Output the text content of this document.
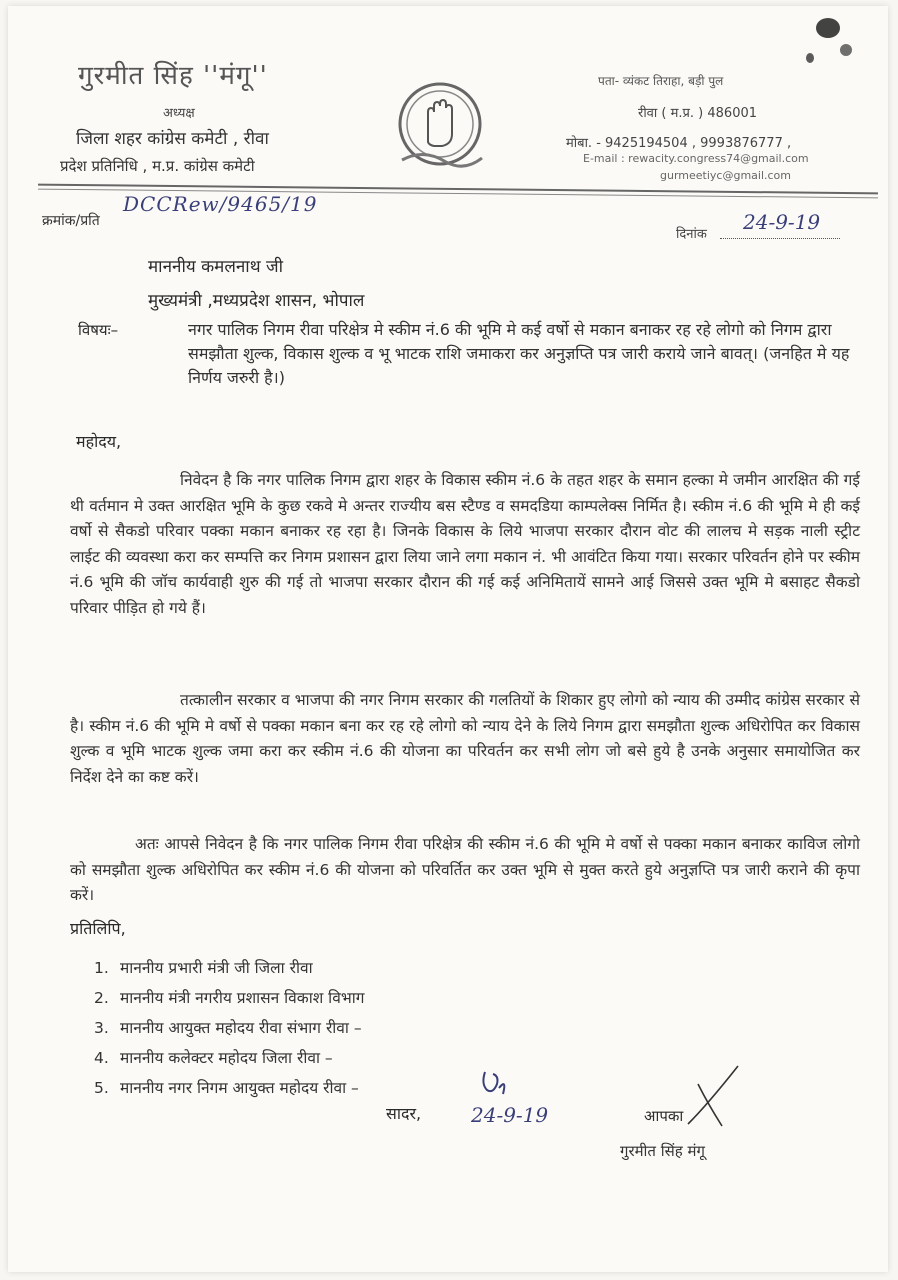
गुरमीत सिंह ''मंगू''
अध्यक्ष
जिला शहर कांग्रेस कमेटी , रीवा
प्रदेश प्रतिनिधि , म.प्र. कांग्रेस कमेटी
पता- व्यंकट तिराहा, बड़ी पुल
रीवा ( म.प्र. ) 486001
मोबा. - 9425194504 , 9993876777 ,
E-mail : rewacity.congress74@gmail.com
gurmeetiyc@gmail.com
क्रमांक/प्रति
DCCRew/9465/19
दिनांक
24-9-19
माननीय कमलनाथ जी
मुख्यमंत्री ,मध्यप्रदेश शासन, भोपाल
विषयः–	नगर पालिक निगम रीवा परिक्षेत्र मे स्कीम नं.6 की भूमि मे कई वर्षो से मकान बनाकर रह रहे लोगो को निगम द्वारा समझौता शुल्क, विकास शुल्क व भू भाटक राशि जमाकरा कर अनुज्ञप्ति पत्र जारी कराये जाने बावत्। (जनहित मे यह निर्णय जरुरी है।)
महोदय,
निवेदन है कि नगर पालिक निगम द्वारा शहर के विकास स्कीम नं.6 के तहत शहर के समान हल्का मे जमीन आरक्षित की गई थी वर्तमान मे उक्त आरक्षित भूमि के कुछ रकवे मे अन्तर राज्यीय बस स्टैण्ड व समदडिया काम्पलेक्स निर्मित है। स्कीम नं.6 की भूमि मे ही कई वर्षो से सैकडो परिवार पक्का मकान बनाकर रह रहा है। जिनके विकास के लिये भाजपा सरकार दौरान वोट की लालच मे सड़क नाली स्ट्रीट लाईट की व्यवस्था करा कर सम्पत्ति कर निगम प्रशासन द्वारा लिया जाने लगा मकान नं. भी आवंटित किया गया। सरकार परिवर्तन होने पर स्कीम नं.6 भूमि की जॉच कार्यवाही शुरु की गई तो भाजपा सरकार दौरान की गई कई अनिमितायें सामने आई जिससे उक्त भूमि मे बसाहट सैकडो परिवार पीड़ित हो गये हैं।
तत्कालीन सरकार व भाजपा की नगर निगम सरकार की गलतियों के शिकार हुए लोगो को न्याय की उम्मीद कांग्रेस सरकार से है। स्कीम नं.6 की भूमि मे वर्षो से पक्का मकान बना कर रह रहे लोगो को न्याय देने के लिये निगम द्वारा समझौता शुल्क अधिरोपित कर विकास शुल्क व भूमि भाटक शुल्क जमा करा कर स्कीम नं.6 की योजना का परिवर्तन कर सभी लोग जो बसे हुये है उनके अनुसार समायोजित कर निर्देश देने का कष्ट करें।
अतः आपसे निवेदन है कि नगर पालिक निगम रीवा परिक्षेत्र की स्कीम नं.6 की भूमि मे वर्षो से पक्का मकान बनाकर काविज लोगो को समझौता शुल्क अधिरोपित कर स्कीम नं.6 की योजना को परिवर्तित कर उक्त भूमि से मुक्त करते हुये अनुज्ञप्ति पत्र जारी कराने की कृपा करें।
प्रतिलिपि,
1. माननीय प्रभारी मंत्री जी जिला रीवा
2. माननीय मंत्री नगरीय प्रशासन विकाश विभाग
3. माननीय आयुक्त महोदय रीवा संभाग रीवा –
4. माननीय कलेक्टर महोदय जिला रीवा –
5. माननीय नगर निगम आयुक्त महोदय रीवा –
सादर, 24-9-19	आपका
गुरमीत सिंह मंगू
